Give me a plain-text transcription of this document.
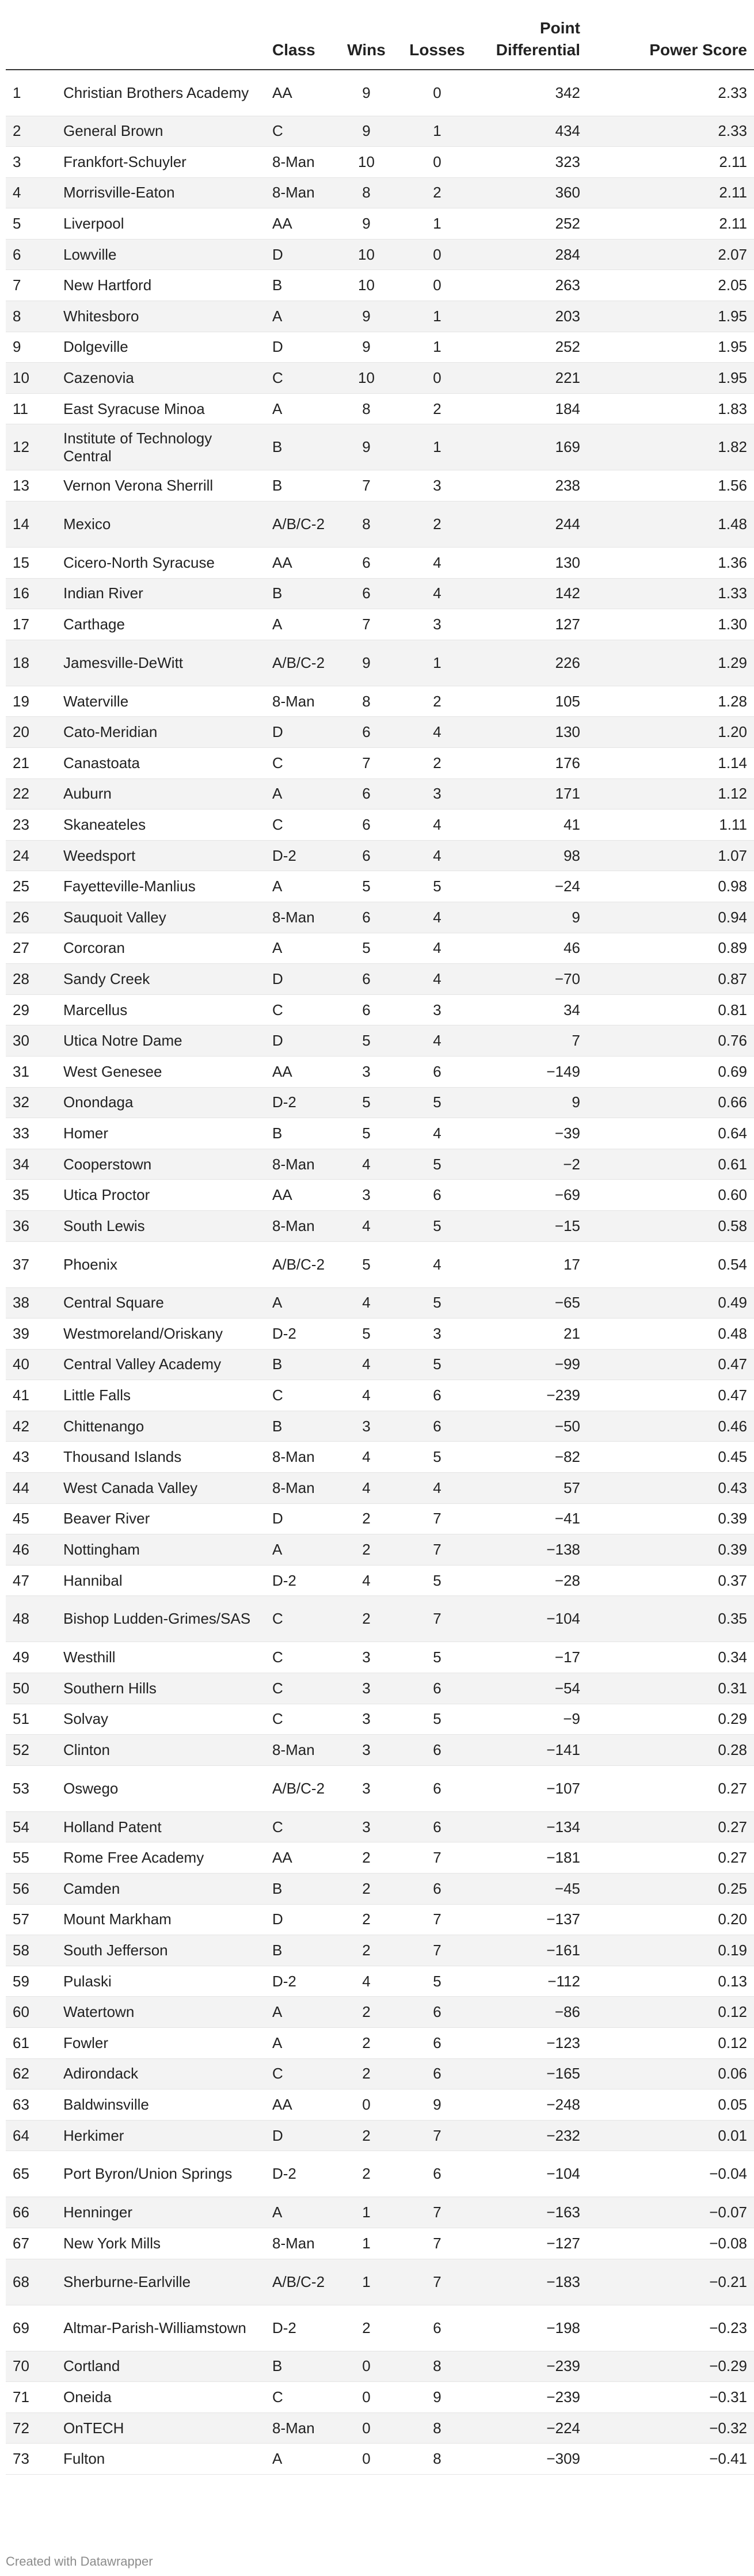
		Class	Wins	Losses	Point Differential	Power Score
1	Christian Brothers Academy	AA	9	0	342	2.33
2	General Brown	C	9	1	434	2.33
3	Frankfort-Schuyler	8-Man	10	0	323	2.11
4	Morrisville-Eaton	8-Man	8	2	360	2.11
5	Liverpool	AA	9	1	252	2.11
6	Lowville	D	10	0	284	2.07
7	New Hartford	B	10	0	263	2.05
8	Whitesboro	A	9	1	203	1.95
9	Dolgeville	D	9	1	252	1.95
10	Cazenovia	C	10	0	221	1.95
11	East Syracuse Minoa	A	8	2	184	1.83
12	Institute of Technology Central	B	9	1	169	1.82
13	Vernon Verona Sherrill	B	7	3	238	1.56
14	Mexico	A/B/C-2	8	2	244	1.48
15	Cicero-North Syracuse	AA	6	4	130	1.36
16	Indian River	B	6	4	142	1.33
17	Carthage	A	7	3	127	1.30
18	Jamesville-DeWitt	A/B/C-2	9	1	226	1.29
19	Waterville	8-Man	8	2	105	1.28
20	Cato-Meridian	D	6	4	130	1.20
21	Canastoata	C	7	2	176	1.14
22	Auburn	A	6	3	171	1.12
23	Skaneateles	C	6	4	41	1.11
24	Weedsport	D-2	6	4	98	1.07
25	Fayetteville-Manlius	A	5	5	−24	0.98
26	Sauquoit Valley	8-Man	6	4	9	0.94
27	Corcoran	A	5	4	46	0.89
28	Sandy Creek	D	6	4	−70	0.87
29	Marcellus	C	6	3	34	0.81
30	Utica Notre Dame	D	5	4	7	0.76
31	West Genesee	AA	3	6	−149	0.69
32	Onondaga	D-2	5	5	9	0.66
33	Homer	B	5	4	−39	0.64
34	Cooperstown	8-Man	4	5	−2	0.61
35	Utica Proctor	AA	3	6	−69	0.60
36	South Lewis	8-Man	4	5	−15	0.58
37	Phoenix	A/B/C-2	5	4	17	0.54
38	Central Square	A	4	5	−65	0.49
39	Westmoreland/Oriskany	D-2	5	3	21	0.48
40	Central Valley Academy	B	4	5	−99	0.47
41	Little Falls	C	4	6	−239	0.47
42	Chittenango	B	3	6	−50	0.46
43	Thousand Islands	8-Man	4	5	−82	0.45
44	West Canada Valley	8-Man	4	4	57	0.43
45	Beaver River	D	2	7	−41	0.39
46	Nottingham	A	2	7	−138	0.39
47	Hannibal	D-2	4	5	−28	0.37
48	Bishop Ludden-Grimes/SAS	C	2	7	−104	0.35
49	Westhill	C	3	5	−17	0.34
50	Southern Hills	C	3	6	−54	0.31
51	Solvay	C	3	5	−9	0.29
52	Clinton	8-Man	3	6	−141	0.28
53	Oswego	A/B/C-2	3	6	−107	0.27
54	Holland Patent	C	3	6	−134	0.27
55	Rome Free Academy	AA	2	7	−181	0.27
56	Camden	B	2	6	−45	0.25
57	Mount Markham	D	2	7	−137	0.20
58	South Jefferson	B	2	7	−161	0.19
59	Pulaski	D-2	4	5	−112	0.13
60	Watertown	A	2	6	−86	0.12
61	Fowler	A	2	6	−123	0.12
62	Adirondack	C	2	6	−165	0.06
63	Baldwinsville	AA	0	9	−248	0.05
64	Herkimer	D	2	7	−232	0.01
65	Port Byron/Union Springs	D-2	2	6	−104	−0.04
66	Henninger	A	1	7	−163	−0.07
67	New York Mills	8-Man	1	7	−127	−0.08
68	Sherburne-Earlville	A/B/C-2	1	7	−183	−0.21
69	Altmar-Parish-Williamstown	D-2	2	6	−198	−0.23
70	Cortland	B	0	8	−239	−0.29
71	Oneida	C	0	9	−239	−0.31
72	OnTECH	8-Man	0	8	−224	−0.32
73	Fulton	A	0	8	−309	−0.41
Created with Datawrapper
